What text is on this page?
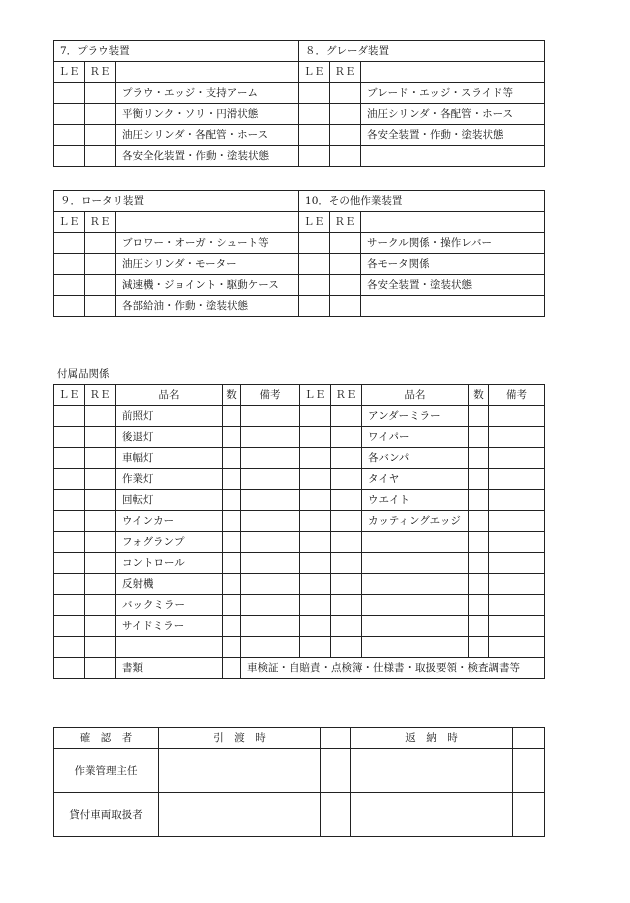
7．プラウ装置			８．グレーダ装置		
ＬＥ	ＲＥ		ＬＥ	ＲＥ	
		プラウ・エッジ・支持アーム			ブレード・エッジ・スライド等
		平衡リンク・ソリ・円滑状態			油圧シリンダ・各配管・ホース
		油圧シリンダ・各配管・ホース			各安全装置・作動・塗装状態
		各安全化装置・作動・塗装状態			
９．ロータリ装置			10．その他作業装置		
ＬＥ	ＲＥ		ＬＥ	ＲＥ	
		ブロワー・オーガ・シュート等			サークル関係・操作レバー
		油圧シリンダ・モーター			各モータ関係
		減速機・ジョイント・駆動ケース			各安全装置・塗装状態
		各部給油・作動・塗装状態			
付属品関係
ＬＥ	ＲＥ	品名	数	備考	ＬＥ	ＲＥ	品名	数	備考
		前照灯					アンダーミラー		
		後退灯					ワイパー		
		車幅灯					各バンパ		
		作業灯					タイヤ		
		回転灯					ウエイト		
		ウインカー					カッティングエッジ		
		フォグランプ							
		コントロール							
		反射機							
		バックミラー							
		サイドミラー							

		書類		車検証・自賠責・点検簿・仕様書・取扱要領・検査調書等					
確　認　者	引　渡　時		返　納　時	
作業管理主任				
貸付車両取扱者				
